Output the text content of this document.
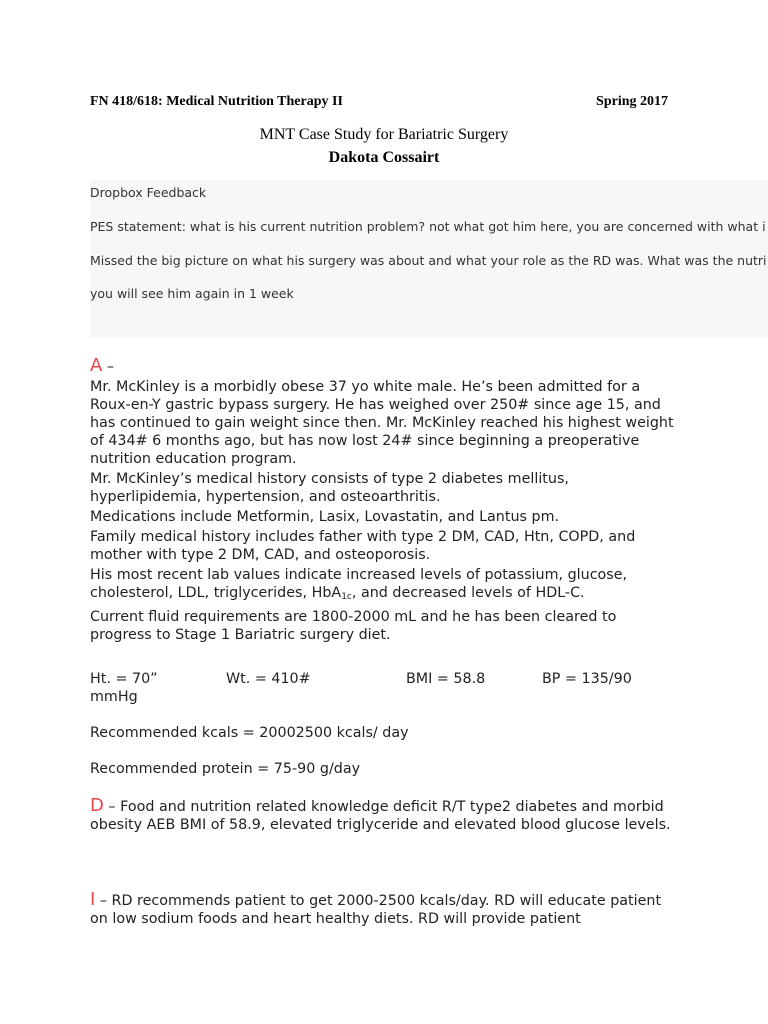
FN 418/618: Medical Nutrition Therapy II	Spring 2017
MNT Case Study for Bariatric Surgery
Dakota Cossairt
Dropbox Feedback
PES statement: what is his current nutrition problem? not what got him here, you are concerned with what i
Missed the big picture on what his surgery was about and what your role as the RD was. What was the nutri
you will see him again in 1 week
A –
Mr. McKinley is a morbidly obese 37 yo white male. He’s been admitted for a Roux-en-Y gastric bypass surgery. He has weighed over 250# since age 15, and has continued to gain weight since then. Mr. McKinley reached his highest weight of 434# 6 months ago, but has now lost 24# since beginning a preoperative nutrition education program.
Mr. McKinley’s medical history consists of type 2 diabetes mellitus, hyperlipidemia, hypertension, and osteoarthritis.
Medications include Metformin, Lasix, Lovastatin, and Lantus pm.
Family medical history includes father with type 2 DM, CAD, Htn, COPD, and mother with type 2 DM, CAD, and osteoporosis.
His most recent lab values indicate increased levels of potassium, glucose, cholesterol, LDL, triglycerides, HbA$_{1c}$, and decreased levels of HDL-C.
Current fluid requirements are 1800-2000 mL and he has been cleared to progress to Stage 1 Bariatric surgery diet.
Ht. = 70”	Wt. = 410#	BMI = 58.8	BP = 135/90
mmHg
Recommended kcals = 20002500 kcals/ day
Recommended protein = 75-90 g/day
D – Food and nutrition related knowledge deficit R/T type2 diabetes and morbid obesity AEB BMI of 58.9, elevated triglyceride and elevated blood glucose levels.
I – RD recommends patient to get 2000-2500 kcals/day. RD will educate patient on low sodium foods and heart healthy diets. RD will provide patient
